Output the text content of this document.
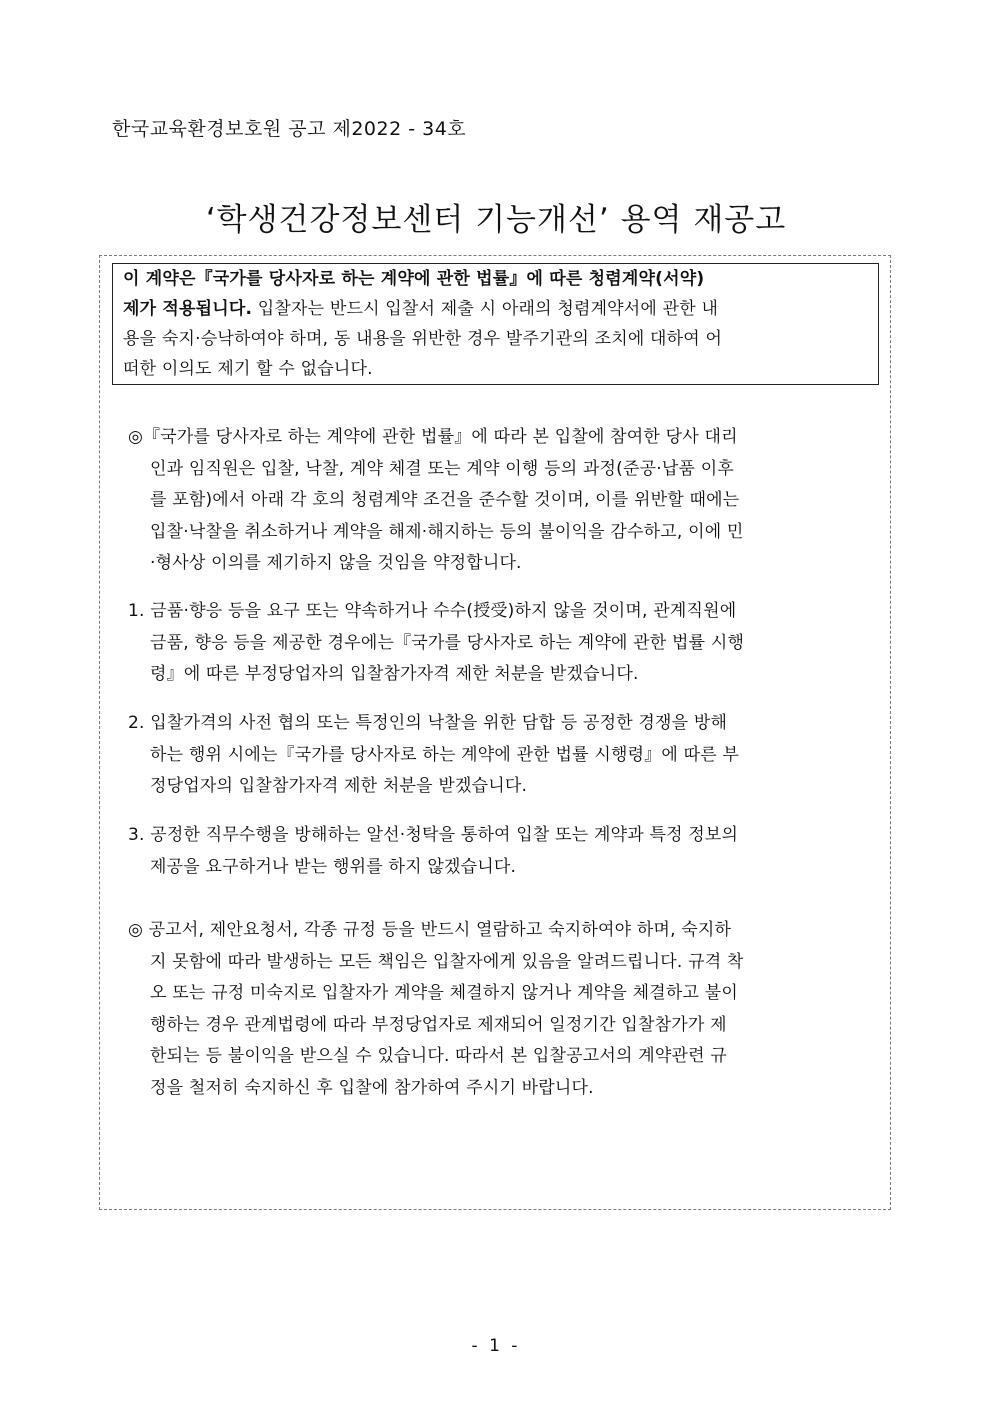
한국교육환경보호원 공고 제2022 - 34호
‘학생건강정보센터 기능개선’ 용역 재공고
이 계약은『국가를 당사자로 하는 계약에 관한 법률』에 따른 청렴계약(서약)
제가 적용됩니다. 입찰자는 반드시 입찰서 제출 시 아래의 청렴계약서에 관한 내
용을 숙지·승낙하여야 하며, 동 내용을 위반한 경우 발주기관의 조치에 대하여 어
떠한 이의도 제기 할 수 없습니다.
◎『국가를 당사자로 하는 계약에 관한 법률』에 따라 본 입찰에 참여한 당사 대리
인과 임직원은 입찰, 낙찰, 계약 체결 또는 계약 이행 등의 과정(준공·납품 이후
를 포함)에서 아래 각 호의 청렴계약 조건을 준수할 것이며, 이를 위반할 때에는
입찰·낙찰을 취소하거나 계약을 해제·해지하는 등의 불이익을 감수하고, 이에 민
·형사상 이의를 제기하지 않을 것임을 약정합니다.
1. 금품·향응 등을 요구 또는 약속하거나 수수(授受)하지 않을 것이며, 관계직원에
금품, 향응 등을 제공한 경우에는『국가를 당사자로 하는 계약에 관한 법률 시행
령』에 따른 부정당업자의 입찰참가자격 제한 처분을 받겠습니다.
2. 입찰가격의 사전 협의 또는 특정인의 낙찰을 위한 담합 등 공정한 경쟁을 방해
하는 행위 시에는『국가를 당사자로 하는 계약에 관한 법률 시행령』에 따른 부
정당업자의 입찰참가자격 제한 처분을 받겠습니다.
3. 공정한 직무수행을 방해하는 알선·청탁을 통하여 입찰 또는 계약과 특정 정보의
제공을 요구하거나 받는 행위를 하지 않겠습니다.
◎ 공고서, 제안요청서, 각종 규정 등을 반드시 열람하고 숙지하여야 하며, 숙지하
지 못함에 따라 발생하는 모든 책임은 입찰자에게 있음을 알려드립니다. 규격 착
오 또는 규정 미숙지로 입찰자가 계약을 체결하지 않거나 계약을 체결하고 불이
행하는 경우 관계법령에 따라 부정당업자로 제재되어 일정기간 입찰참가가 제
한되는 등 불이익을 받으실 수 있습니다. 따라서 본 입찰공고서의 계약관련 규
정을 철저히 숙지하신 후 입찰에 참가하여 주시기 바랍니다.
- 1 -
